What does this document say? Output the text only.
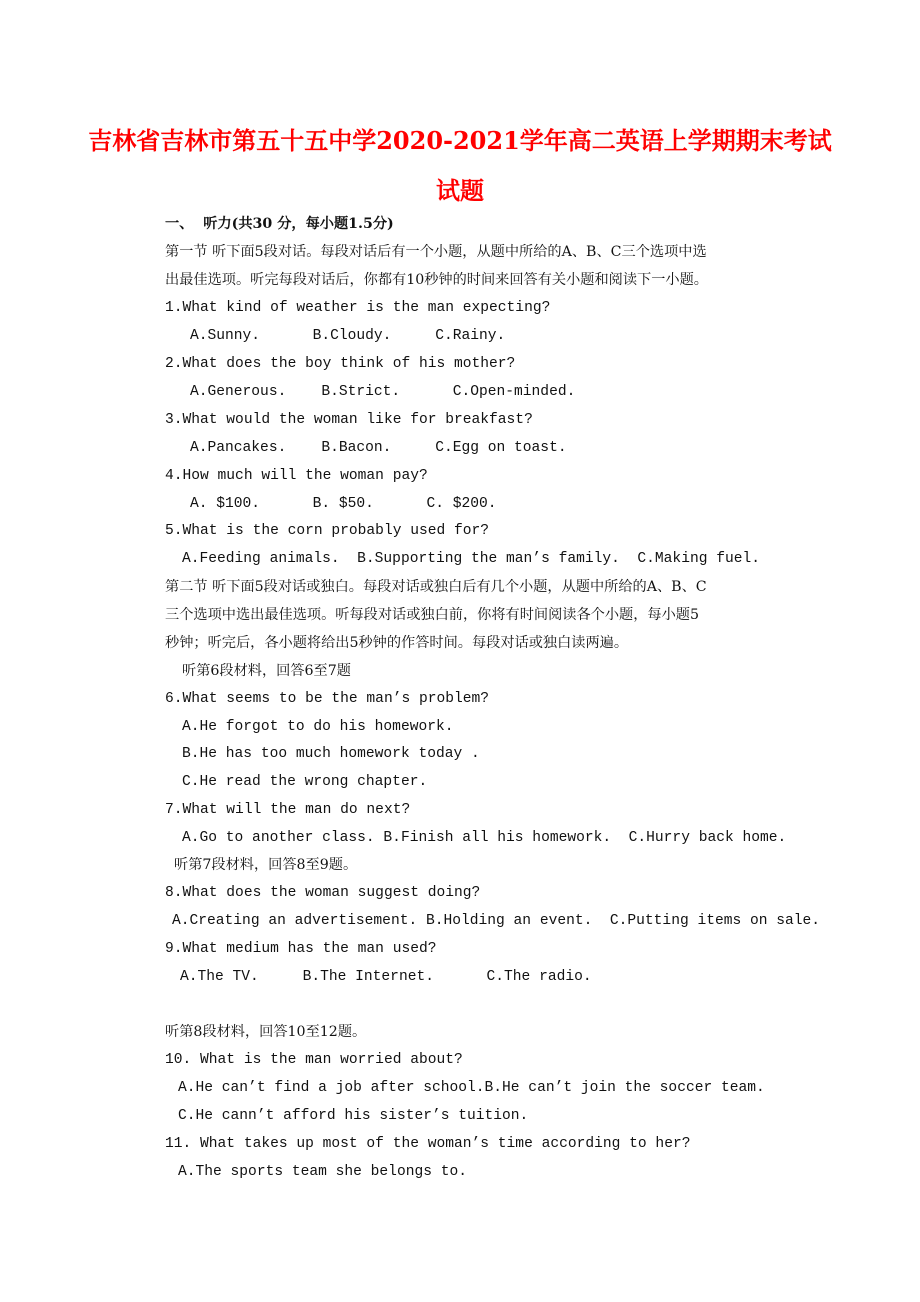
吉林省吉林市第五十五中学2020-2021学年高二英语上学期期末考试
试题
一、  听力(共30 分，每小题1.5分)
第一节 听下面5段对话。每段对话后有一个小题，从题中所给的A、B、C三个选项中选
出最佳选项。听完每段对话后，你都有10秒钟的时间来回答有关小题和阅读下一小题。
1.What kind of weather is the man expecting?
A.Sunny.      B.Cloudy.     C.Rainy.
2.What does the boy think of his mother?
A.Generous.    B.Strict.      C.Open-minded.
3.What would the woman like for breakfast?
A.Pancakes.    B.Bacon.     C.Egg on toast.
4.How much will the woman pay?
A. $100.      B. $50.      C. $200.
5.What is the corn probably used for?
A.Feeding animals.  B.Supporting the man’s family.  C.Making fuel.
第二节 听下面5段对话或独白。每段对话或独白后有几个小题，从题中所给的A、B、C
三个选项中选出最佳选项。听每段对话或独白前，你将有时间阅读各个小题，每小题5
秒钟；听完后，各小题将给出5秒钟的作答时间。每段对话或独白读两遍。
听第6段材料，回答6至7题
6.What seems to be the man’s problem?
A.He forgot to do his homework.
B.He has too much homework today .
C.He read the wrong chapter.
7.What will the man do next?
A.Go to another class. B.Finish all his homework.  C.Hurry back home.
听第7段材料，回答8至9题。
8.What does the woman suggest doing?
A.Creating an advertisement. B.Holding an event.  C.Putting items on sale.
9.What medium has the man used?
A.The TV.     B.The Internet.      C.The radio.
听第8段材料，回答10至12题。
10. What is the man worried about?
A.He can’t find a job after school.B.He can’t join the soccer team.
C.He cann’t afford his sister’s tuition.
11. What takes up most of the woman’s time according to her?
A.The sports team she belongs to.
